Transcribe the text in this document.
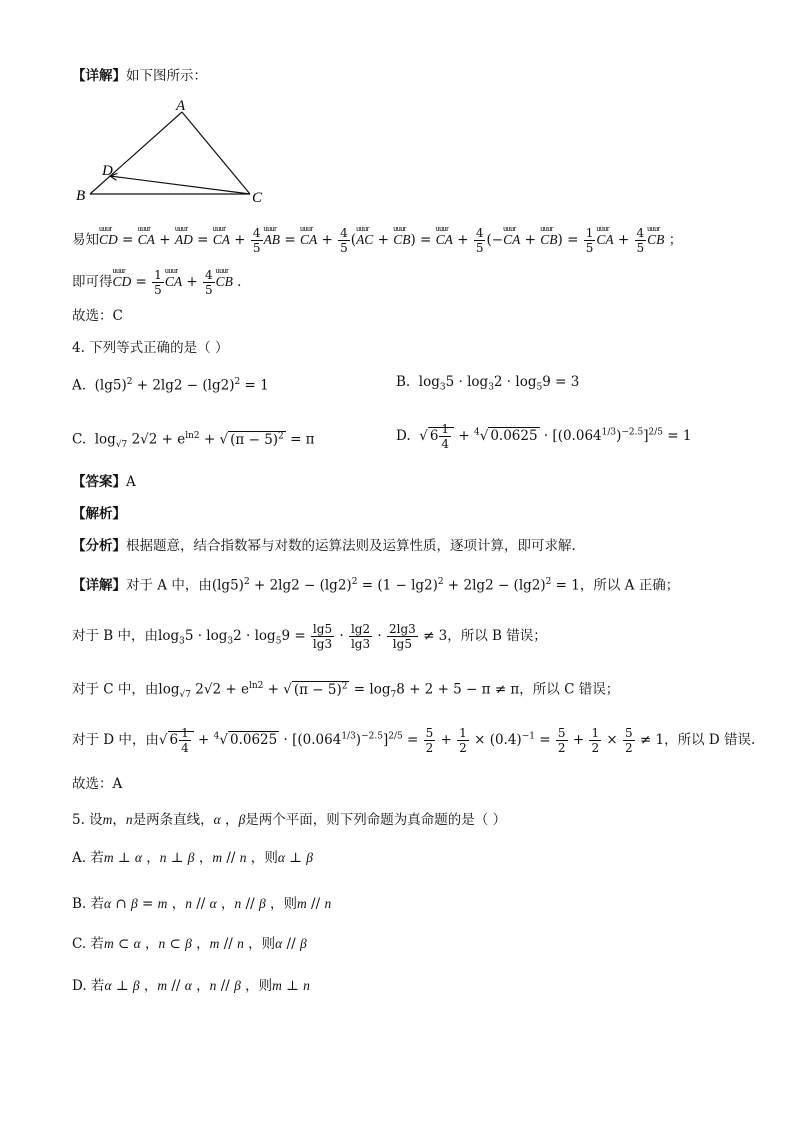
【详解】如下图所示：
A
D
B	C
易知uuur CD = uuur CA + uuur AD = uuur CA + $\frac{4}{5}$ uuur AB = uuur CA + $\frac{4}{5}$ (uuur AC + uuur CB) = uuur CA + $\frac{4}{5}$ (−uuur CA + uuur $CB) = \frac{1}{5}$ uuur CA + $\frac{4}{5}$ uuur CB ；
即可得uuur CD = $\frac{1}{5}$ uuur CA + $\frac{4}{5}$ uuur CB .
故选：C
4. 下列等式正确的是（ ）
A.  $(\lg 5)^2 + 2\lg 2 - (\lg 2)^2 = 1$	B.  $\log_35 \cdot \log_32 \cdot \log_59 = 3$
C.  $\log_{√7} 2√2 + e^{ln2}$ + √ $(\pi - 5)^2 = \pi$	D.  √ $6 \frac{1}{4} + ^4√$ $0.0625 \cdot [(0.064^{1/3})^{-2.5}]^{2/5} = 1$
【答案】A
【解析】
【分析】根据题意，结合指数幂与对数的运算法则及运算性质，逐项计算，即可求解.
【详解】对于 A 中，由$(\lg 5)^2 + 2\lg 2 - (\lg 2)^2 = (1 - \lg 2)^2 + 2\lg 2 - (\lg 2)^2 = 1$，所以 A 正确；
对于 B 中，由$\log_35 \cdot \log_32 \cdot \log_59 = \frac{\lg 5}{\lg 3} \cdot \frac{\lg 2}{\lg 3} \cdot \frac{2\lg 3}{\lg 5} \ne 3$，所以 B 错误；
对于 C 中，由$\log_{√7} 2√2 + e^{ln2}$ + √ $(\pi - 5)^2 = \log_78 + 2 + 5 - \pi \ne \pi$，所以 C 错误；
对于 D 中，由√ $6 \frac{1}{4} + ^4√$ $0.0625 \cdot [(0.064^{1/3})^{-2.5}]^{2/5} = \frac{5}{2} + \frac{1}{2} \times (0.4)^{-1} = \frac{5}{2} + \frac{1}{2} \times \frac{5}{2} \ne 1$，所以 D 错误.
故选：A
5. 设m，n是两条直线，α ，β是两个平面，则下列命题为真命题的是（ ）
A. 若m ⊥ α ，n ⊥ β ，m // n ，则α ⊥ β
B. 若α ∩ β = m ，n // α ，n // β ，则m // n
C. 若m ⊂ α ，n ⊂ β ，m // n ，则α // β
D. 若α ⊥ β ，m // α ，n // β ，则m ⊥ n
